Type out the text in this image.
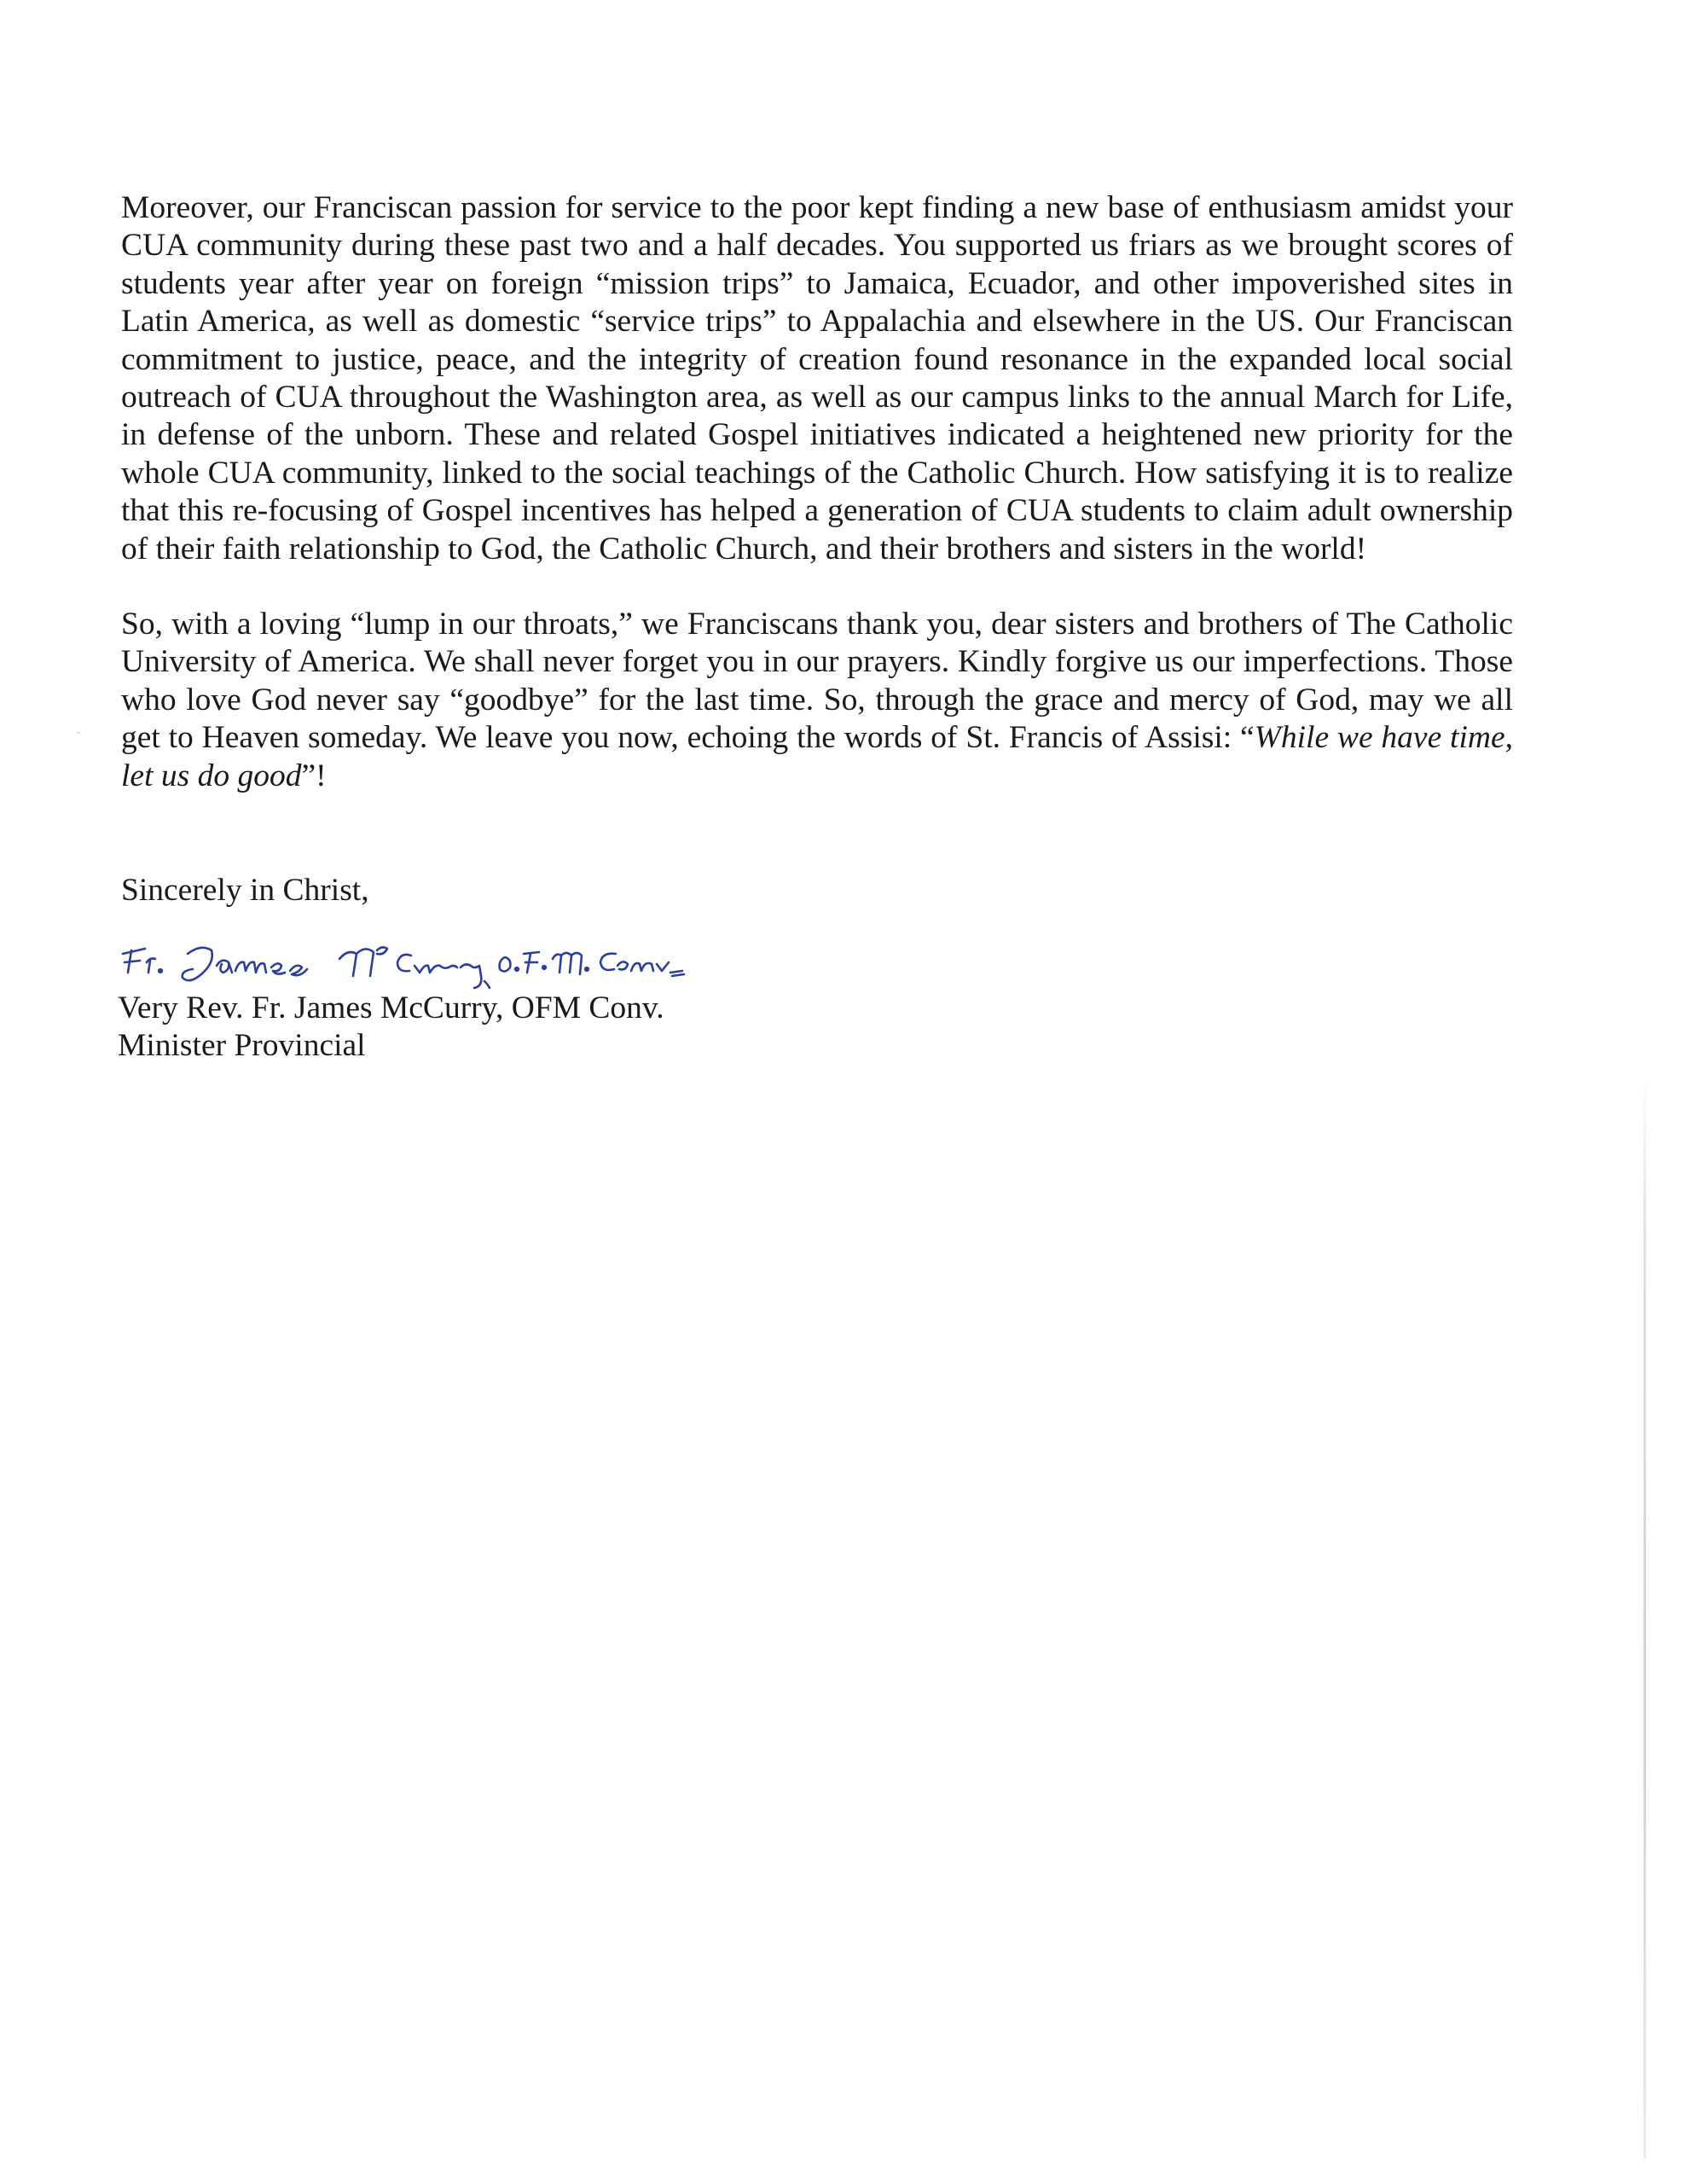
Moreover, our Franciscan passion for service to the poor kept finding a new base of enthusiasm amidst your CUA community during these past two and a half decades. You supported us friars as we brought scores of students year after year on foreign “mission trips” to Jamaica, Ecuador, and other impoverished sites in Latin America, as well as domestic “service trips” to Appalachia and elsewhere in the US. Our Franciscan commitment to justice, peace, and the integrity of creation found resonance in the expanded local social outreach of CUA throughout the Washington area, as well as our campus links to the annual March for Life, in defense of the unborn. These and related Gospel initiatives indicated a heightened new priority for the whole CUA community, linked to the social teachings of the Catholic Church. How satisfying it is to realize that this re-focusing of Gospel incentives has helped a generation of CUA students to claim adult ownership of their faith relationship to God, the Catholic Church, and their brothers and sisters in the world!

So, with a loving “lump in our throats,” we Franciscans thank you, dear sisters and brothers of The Catholic University of America. We shall never forget you in our prayers. Kindly forgive us our imperfections. Those who love God never say “goodbye” for the last time. So, through the grace and mercy of God, may we all get to Heaven someday. We leave you now, echoing the words of St. Francis of Assisi: “While we have time, let us do good”!

Sincerely in Christ,

Very Rev. Fr. James McCurry, OFM Conv.
Minister Provincial
